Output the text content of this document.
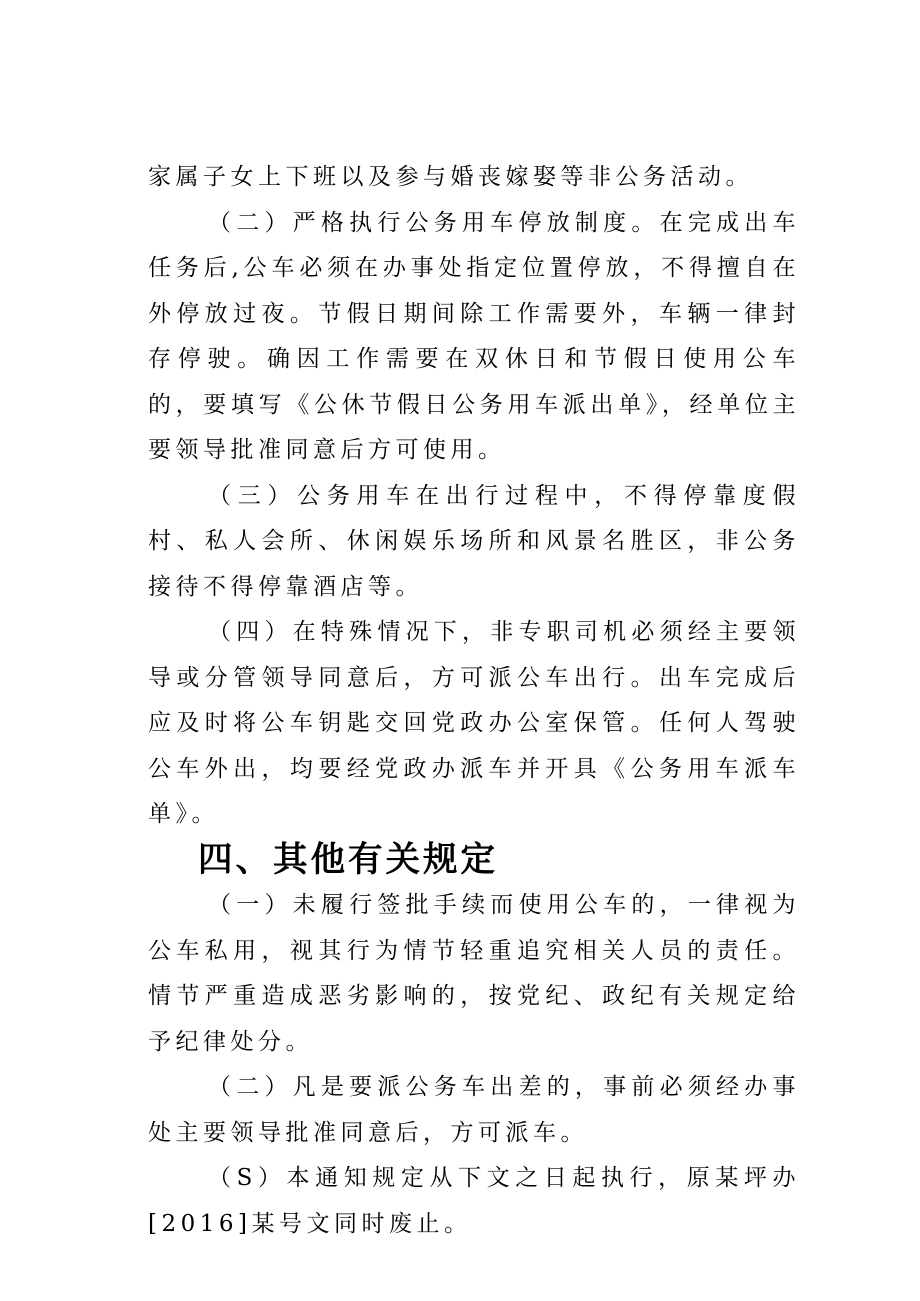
家属子女上下班以及参与婚丧嫁娶等非公务活动。

（二）严格执行公务用车停放制度。在完成出车任务后,公车必须在办事处指定位置停放，不得擅自在外停放过夜。节假日期间除工作需要外，车辆一律封存停驶。确因工作需要在双休日和节假日使用公车的，要填写《公休节假日公务用车派出单》，经单位主要领导批准同意后方可使用。

（三）公务用车在出行过程中，不得停靠度假村、私人会所、休闲娱乐场所和风景名胜区，非公务接待不得停靠酒店等。

（四）在特殊情况下，非专职司机必须经主要领导或分管领导同意后，方可派公车出行。出车完成后应及时将公车钥匙交回党政办公室保管。任何人驾驶公车外出，均要经党政办派车并开具《公务用车派车单》。

四、其他有关规定

（一）未履行签批手续而使用公车的，一律视为公车私用，视其行为情节轻重追究相关人员的责任。情节严重造成恶劣影响的，按党纪、政纪有关规定给予纪律处分。

（二）凡是要派公务车出差的，事前必须经办事处主要领导批准同意后，方可派车。

（S）本通知规定从下文之日起执行，原某坪办[2016]某号文同时废止。
